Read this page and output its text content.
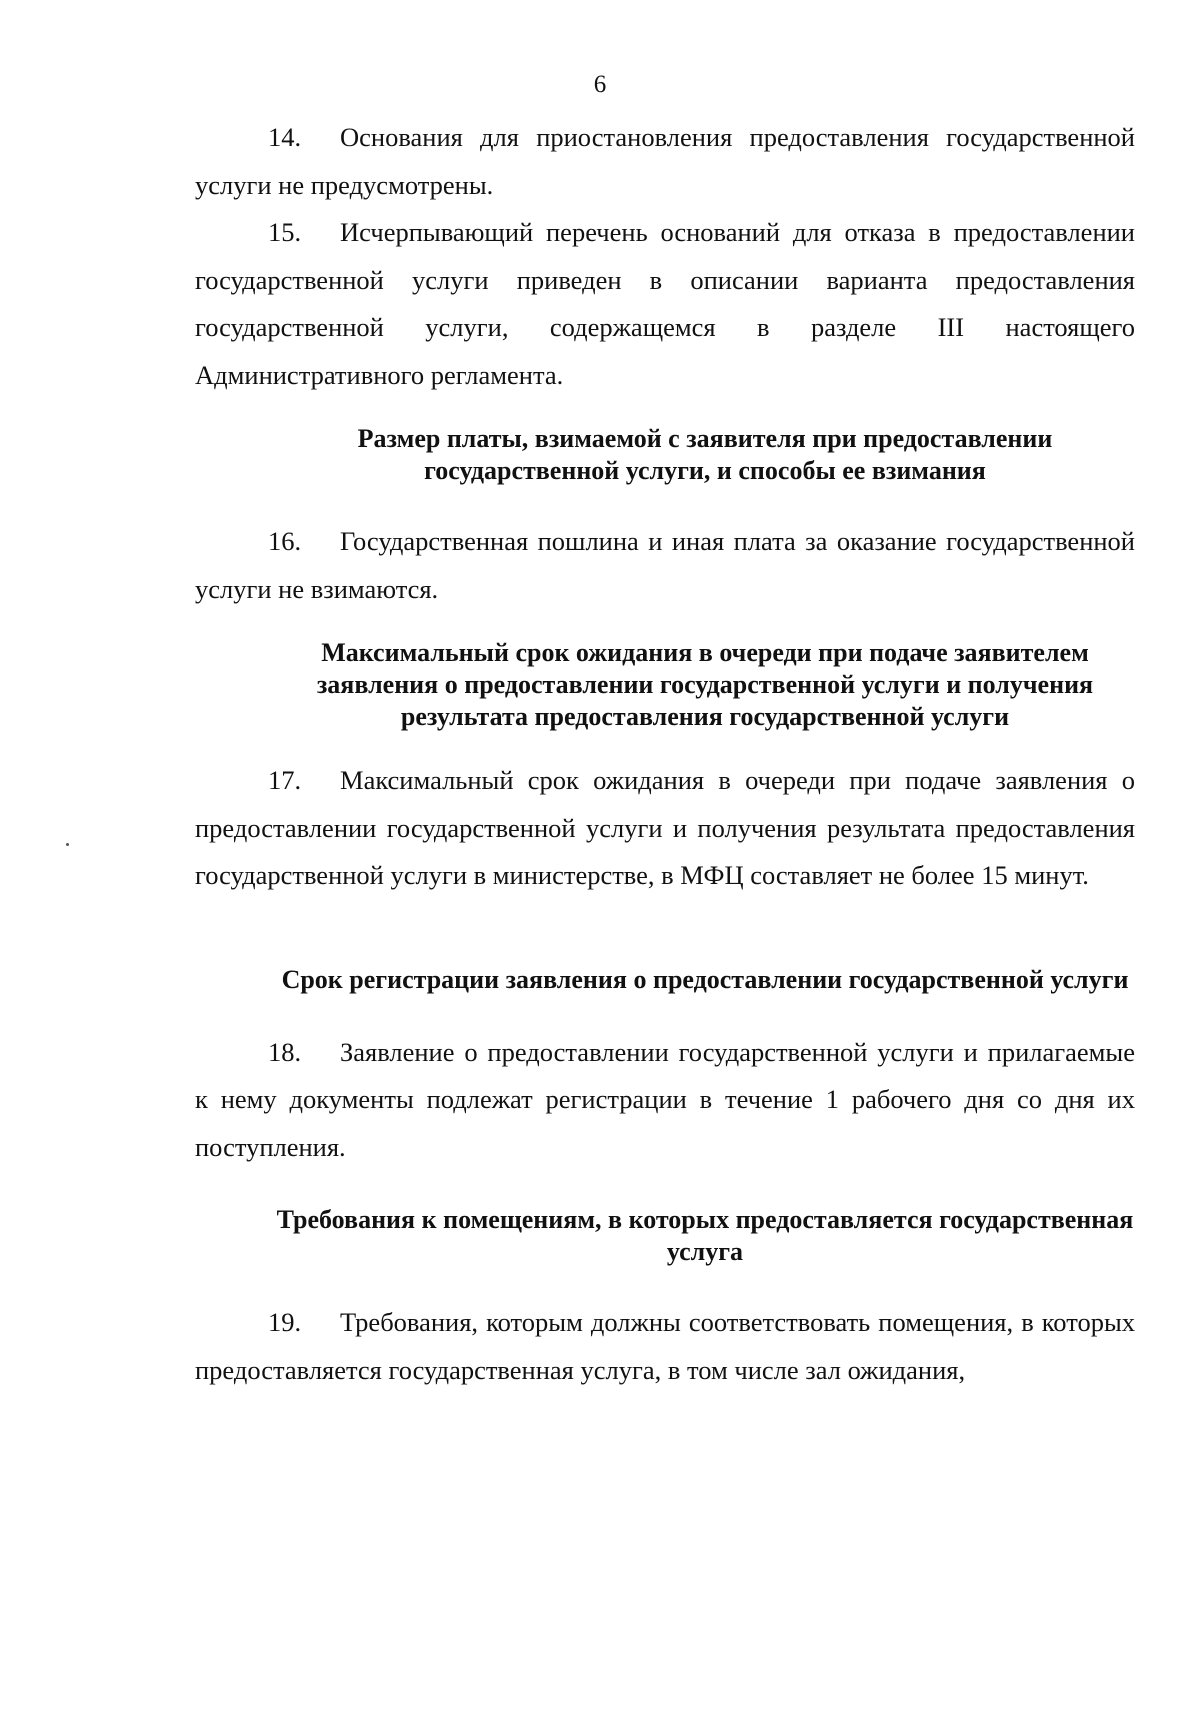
6

14. Основания для приостановления предоставления государственной услуги не предусмотрены.

15. Исчерпывающий перечень оснований для отказа в предоставлении государственной услуги приведен в описании варианта предоставления государственной услуги, содержащемся в разделе III настоящего Административного регламента.

Размер платы, взимаемой с заявителя при предоставлении государственной услуги, и способы ее взимания

16. Государственная пошлина и иная плата за оказание государственной услуги не взимаются.

Максимальный срок ожидания в очереди при подаче заявителем заявления о предоставлении государственной услуги и получения результата предоставления государственной услуги

17. Максимальный срок ожидания в очереди при подаче заявления о предоставлении государственной услуги и получения результата предоставления государственной услуги в министерстве, в МФЦ составляет не более 15 минут.

Срок регистрации заявления о предоставлении государственной услуги

18. Заявление о предоставлении государственной услуги и прилагаемые к нему документы подлежат регистрации в течение 1 рабочего дня со дня их поступления.

Требования к помещениям, в которых предоставляется государственная услуга

19. Требования, которым должны соответствовать помещения, в которых предоставляется государственная услуга, в том числе зал ожидания,
